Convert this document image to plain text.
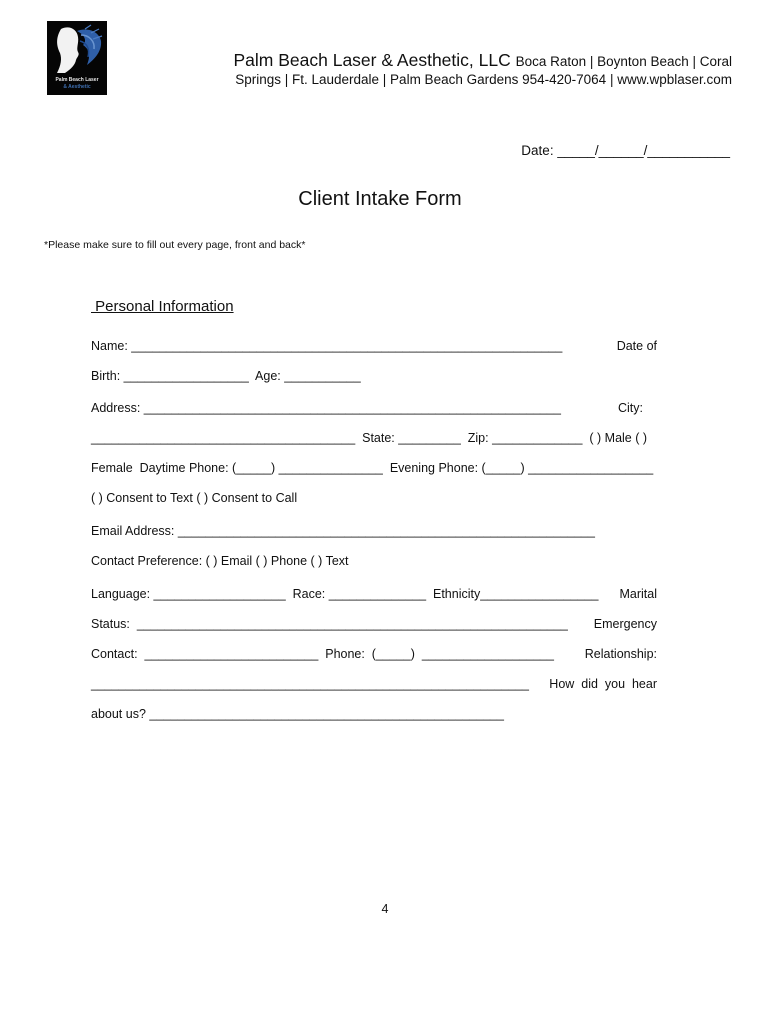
Palm Beach Laser
& Aesthetic
Palm Beach Laser & Aesthetic, LLC Boca Raton | Boynton Beach | Coral
Springs | Ft. Lauderdale | Palm Beach Gardens 954-420-7064 | www.wpblaser.com
Date: _____/______/___________
Client Intake Form
*Please make sure to fill out every page, front and back*
Personal Information
Name: ______________________________________________________________	Date of
Birth: __________________  Age: ___________
Address: ____________________________________________________________	City:
______________________________________  State: _________  Zip: _____________  ( ) Male ( )
Female  Daytime Phone: (_____) _______________  Evening Phone: (_____) __________________
( ) Consent to Text ( ) Consent to Call
Email Address: ____________________________________________________________
Contact Preference: ( ) Email ( ) Phone ( ) Text
Language: ___________________  Race: ______________  Ethnicity_________________ Marital
Status:  ______________________________________________________________ Emergency
Contact:  _________________________  Phone:  (_____)  ___________________ Relationship:
_______________________________________________________________ How  did  you  hear
about us? ___________________________________________________
4
